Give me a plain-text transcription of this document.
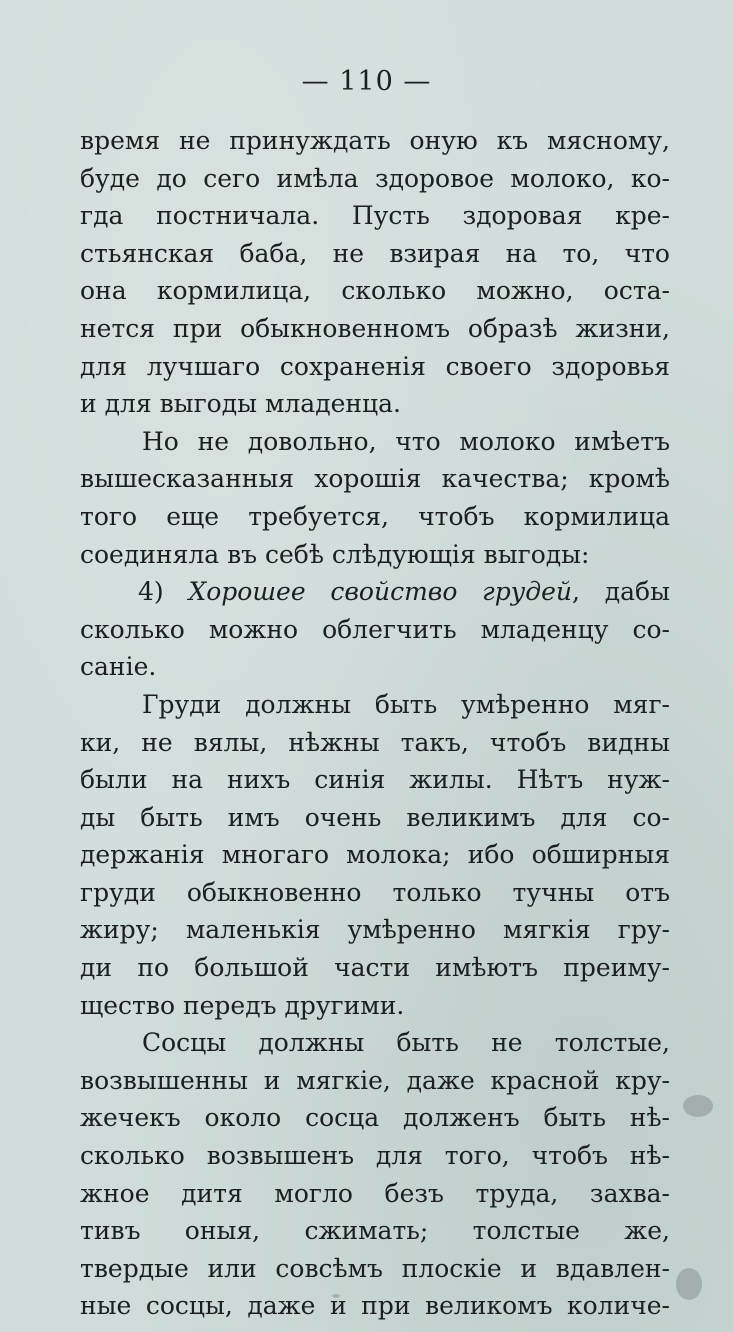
— 110 —
время не принуждать оную къ мясному,
буде до сего имѣла здоровое молоко, ко-
гда постничала. Пусть здоровая кре-
стьянская баба, не взирая на то, что
она кормилица, сколько можно, оста-
нется при обыкновенномъ образѣ жизни,
для лучшаго сохраненія своего здоровья
и для выгоды младенца.
Но не довольно, что молоко имѣетъ
вышесказанныя хорошія качества; кромѣ
того еще требуется, чтобъ кормилица
соединяла въ себѣ слѣдующія выгоды:
4) Хорошее свойство грудей, дабы
сколько можно облегчить младенцу со-
саніе.
Груди должны быть умѣренно мяг-
ки, не вялы, нѣжны такъ, чтобъ видны
были на нихъ синія жилы. Нѣтъ нуж-
ды быть имъ очень великимъ для со-
держанія многаго молока; ибо обширныя
груди обыкновенно только тучны отъ
жиру; маленькія умѣренно мягкія гру-
ди по большой части имѣютъ преиму-
щество передъ другими.
Сосцы должны быть не толстые,
возвышенны и мягкіе, даже красной кру-
жечекъ около сосца долженъ быть нѣ-
сколько возвышенъ для того, чтобъ нѣ-
жное дитя могло безъ труда, захва-
тивъ оныя, сжимать; толстые же,
твердые или совсѣмъ плоскіе и вдавлен-
ные сосцы, даже и при великомъ количе-
